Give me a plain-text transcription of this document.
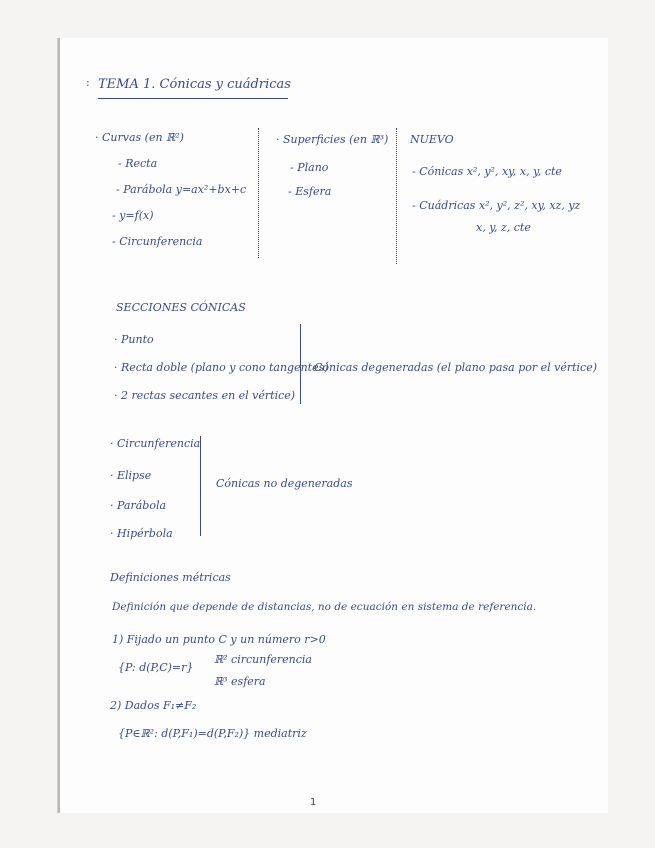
: TEMA 1. Cónicas y cuádricas
· Curvas (en ℝ²)
- Recta
- Parábola y=ax²+bx+c
- y=f(x)
- Circunferencia
· Superficies (en ℝ³)
- Plano
- Esfera
NUEVO
- Cónicas x², y², xy, x, y, cte
- Cuádricas x², y², z², xy, xz, yz
x, y, z, cte
SECCIONES CÓNICAS
· Punto
· Recta doble (plano y cono tangentes)
· 2 rectas secantes en el vértice)
Cónicas degeneradas (el plano pasa por el vértice)
· Circunferencia
· Elipse
· Parábola
· Hipérbola
Cónicas no degeneradas
Definiciones métricas
Definición que depende de distancias, no de ecuación en sistema de referencia.
1) Fijado un punto C y un número r>0
{P: d(P,C)=r}
ℝ² circunferencia
ℝ³ esfera
2) Dados F₁≠F₂
{P∈ℝ²: d(P,F₁)=d(P,F₂)} mediatriz
1
